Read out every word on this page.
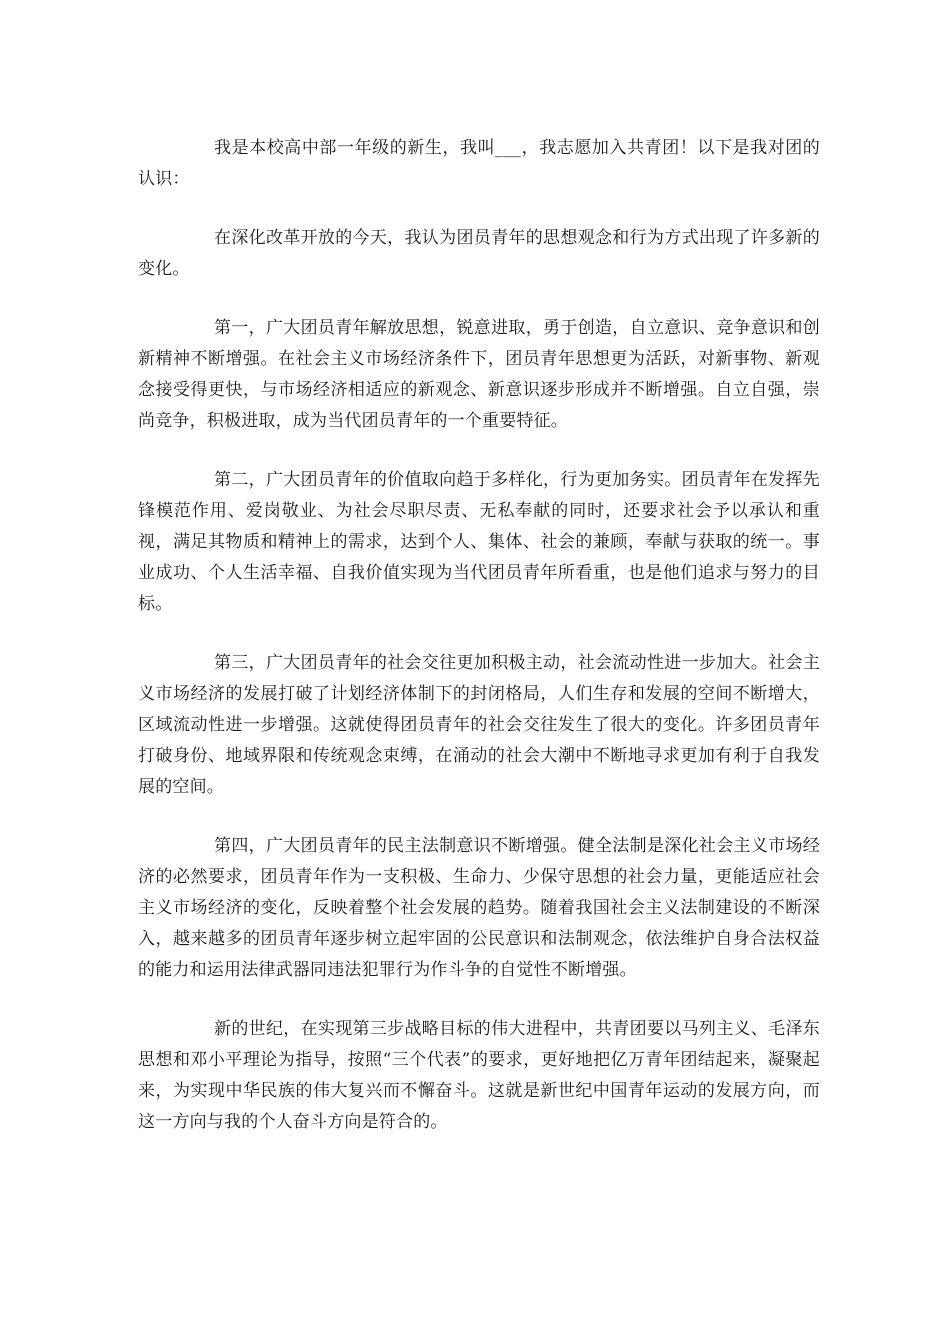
我是本校高中部一年级的新生，我叫___，我志愿加入共青团！以下是我对团的认识：

在深化改革开放的今天，我认为团员青年的思想观念和行为方式出现了许多新的变化。

第一，广大团员青年解放思想，锐意进取，勇于创造，自立意识、竞争意识和创新精神不断增强。在社会主义市场经济条件下，团员青年思想更为活跃，对新事物、新观念接受得更快，与市场经济相适应的新观念、新意识逐步形成并不断增强。自立自强，崇尚竞争，积极进取，成为当代团员青年的一个重要特征。

第二，广大团员青年的价值取向趋于多样化，行为更加务实。团员青年在发挥先锋模范作用、爱岗敬业、为社会尽职尽责、无私奉献的同时，还要求社会予以承认和重视，满足其物质和精神上的需求，达到个人、集体、社会的兼顾，奉献与获取的统一。事业成功、个人生活幸福、自我价值实现为当代团员青年所看重，也是他们追求与努力的目标。

第三，广大团员青年的社会交往更加积极主动，社会流动性进一步加大。社会主义市场经济的发展打破了计划经济体制下的封闭格局，人们生存和发展的空间不断增大，区域流动性进一步增强。这就使得团员青年的社会交往发生了很大的变化。许多团员青年打破身份、地域界限和传统观念束缚，在涌动的社会大潮中不断地寻求更加有利于自我发展的空间。

第四，广大团员青年的民主法制意识不断增强。健全法制是深化社会主义市场经济的必然要求，团员青年作为一支积极、生命力、少保守思想的社会力量，更能适应社会主义市场经济的变化，反映着整个社会发展的趋势。随着我国社会主义法制建设的不断深入，越来越多的团员青年逐步树立起牢固的公民意识和法制观念，依法维护自身合法权益的能力和运用法律武器同违法犯罪行为作斗争的自觉性不断增强。

新的世纪，在实现第三步战略目标的伟大进程中，共青团要以马列主义、毛泽东思想和邓小平理论为指导，按照“三个代表”的要求，更好地把亿万青年团结起来，凝聚起来，为实现中华民族的伟大复兴而不懈奋斗。这就是新世纪中国青年运动的发展方向，而这一方向与我的个人奋斗方向是符合的。
